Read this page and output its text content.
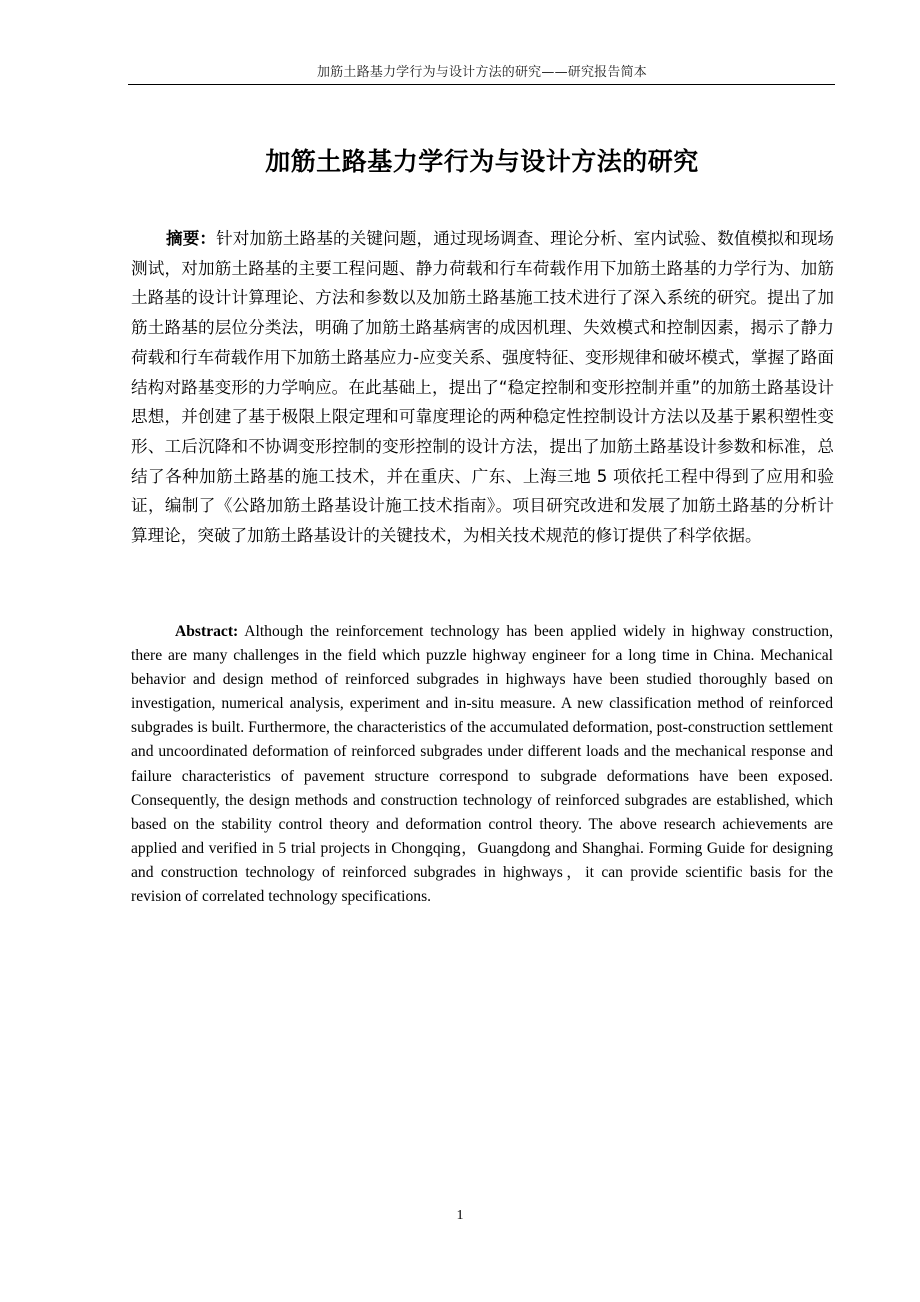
加筋土路基力学行为与设计方法的研究——研究报告简本
加筋土路基力学行为与设计方法的研究

摘要：针对加筋土路基的关键问题，通过现场调查、理论分析、室内试验、数值模拟和现场测试，对加筋土路基的主要工程问题、静力荷载和行车荷载作用下加筋土路基的力学行为、加筋土路基的设计计算理论、方法和参数以及加筋土路基施工技术进行了深入系统的研究。提出了加筋土路基的层位分类法，明确了加筋土路基病害的成因机理、失效模式和控制因素，揭示了静力荷载和行车荷载作用下加筋土路基应力-应变关系、强度特征、变形规律和破坏模式，掌握了路面结构对路基变形的力学响应。在此基础上，提出了“稳定控制和变形控制并重”的加筋土路基设计思想，并创建了基于极限上限定理和可靠度理论的两种稳定性控制设计方法以及基于累积塑性变形、工后沉降和不协调变形控制的变形控制的设计方法，提出了加筋土路基设计参数和标准，总结了各种加筋土路基的施工技术，并在重庆、广东、上海三地 5 项依托工程中得到了应用和验证，编制了《公路加筋土路基设计施工技术指南》。项目研究改进和发展了加筋土路基的分析计算理论，突破了加筋土路基设计的关键技术，为相关技术规范的修订提供了科学依据。

Abstract: Although the reinforcement technology has been applied widely in highway construction, there are many challenges in the field which puzzle highway engineer for a long time in China. Mechanical behavior and design method of reinforced subgrades in highways have been studied thoroughly based on investigation, numerical analysis, experiment and in-situ measure. A new classification method of reinforced subgrades is built. Furthermore, the characteristics of the accumulated deformation, post-construction settlement and uncoordinated deformation of reinforced subgrades under different loads and the mechanical response and failure characteristics of pavement structure correspond to subgrade deformations have been exposed. Consequently, the design methods and construction technology of reinforced subgrades are established, which based on the stability control theory and deformation control theory. The above research achievements are applied and verified in 5 trial projects in Chongqing，Guangdong and Shanghai. Forming Guide for designing and construction technology of reinforced subgrades in highways，it can provide scientific basis for the revision of correlated technology specifications.

1
